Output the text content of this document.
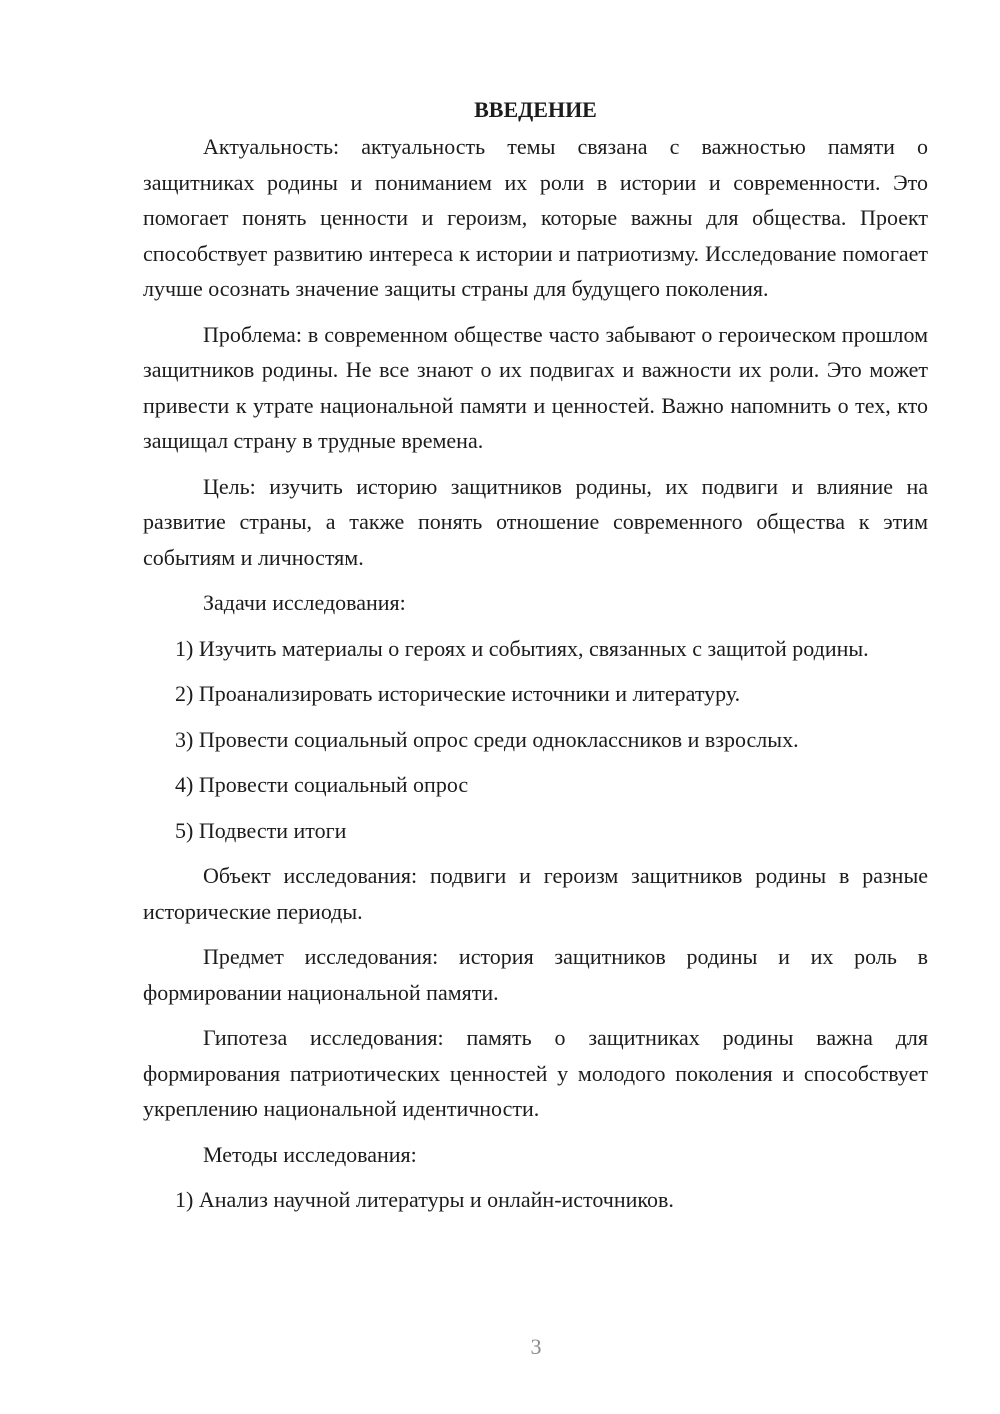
ВВЕДЕНИЕ

Актуальность: актуальность темы связана с важностью памяти о защитниках родины и пониманием их роли в истории и современности. Это помогает понять ценности и героизм, которые важны для общества. Проект способствует развитию интереса к истории и патриотизму. Исследование помогает лучше осознать значение защиты страны для будущего поколения.

Проблема: в современном обществе часто забывают о героическом прошлом защитников родины. Не все знают о их подвигах и важности их роли. Это может привести к утрате национальной памяти и ценностей. Важно напомнить о тех, кто защищал страну в трудные времена.

Цель: изучить историю защитников родины, их подвиги и влияние на развитие страны, а также понять отношение современного общества к этим событиям и личностям.

Задачи исследования:

1) Изучить материалы о героях и событиях, связанных с защитой родины.

2) Проанализировать исторические источники и литературу.

3) Провести социальный опрос среди одноклассников и взрослых.

4) Провести социальный опрос

5) Подвести итоги

Объект исследования: подвиги и героизм защитников родины в разные исторические периоды.

Предмет исследования: история защитников родины и их роль в формировании национальной памяти.

Гипотеза исследования: память о защитниках родины важна для формирования патриотических ценностей у молодого поколения и способствует укреплению национальной идентичности.

Методы исследования:

1) Анализ научной литературы и онлайн-источников.

3
